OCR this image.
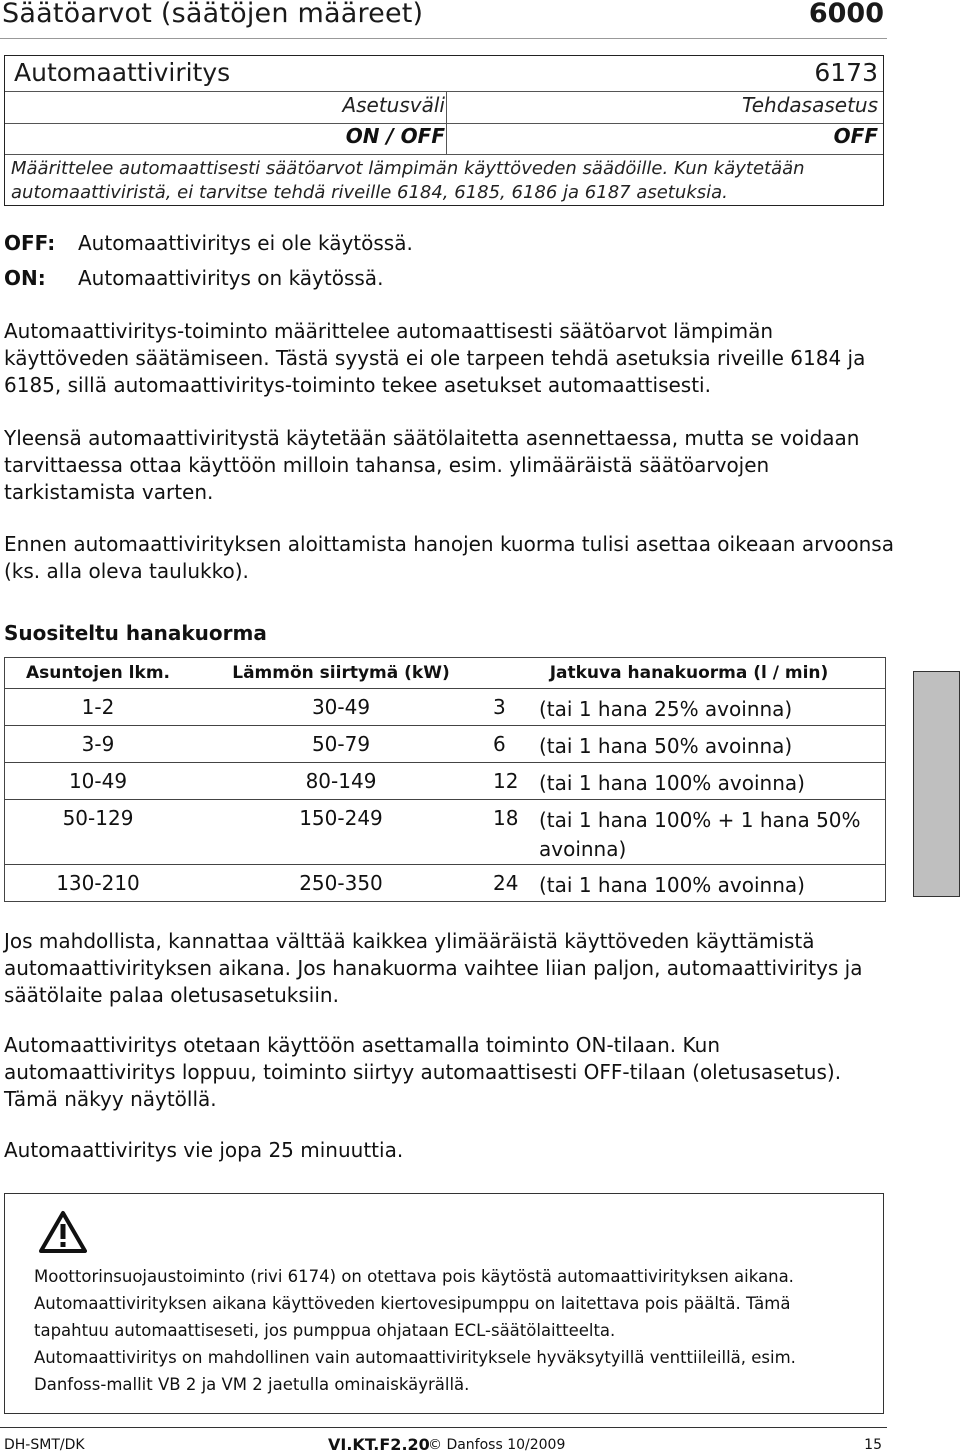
Säätöarvot (säätöjen määreet)	6000
Automaattiviritys	6173
Asetusväli	Tehdasasetus
ON / OFF	OFF
Määrittelee automaattisesti säätöarvot lämpimän käyttöveden säädöille. Kun käytetään automaattiviristä, ei tarvitse tehdä riveille 6184, 6185, 6186 ja 6187 asetuksia.
OFF: Automaattiviritys ei ole käytössä.
ON: Automaattiviritys on käytössä.
Automaattiviritys-toiminto määrittelee automaattisesti säätöarvot lämpimän käyttöveden säätämiseen. Tästä syystä ei ole tarpeen tehdä asetuksia riveille 6184 ja 6185, sillä automaattiviritys-toiminto tekee asetukset automaattisesti.
Yleensä automaattiviritystä käytetään säätölaitetta asennettaessa, mutta se voidaan tarvittaessa ottaa käyttöön milloin tahansa, esim. ylimääräistä säätöarvojen tarkistamista varten.
Ennen automaattivirityksen aloittamista hanojen kuorma tulisi asettaa oikeaan arvoonsa (ks. alla oleva taulukko).
Suositeltu hanakuorma
Asuntojen lkm.	Lämmön siirtymä (kW)	Jatkuva hanakuorma (l / min)	
1-2	30-49	3	(tai 1 hana 25% avoinna)
3-9	50-79	6	(tai 1 hana 50% avoinna)
10-49	80-149	12	(tai 1 hana 100% avoinna)
50-129	150-249	18	(tai 1 hana 100% + 1 hana 50% avoinna)
130-210	250-350	24	(tai 1 hana 100% avoinna)
Jos mahdollista, kannattaa välttää kaikkea ylimääräistä käyttöveden käyttämistä automaattivirityksen aikana. Jos hanakuorma vaihtee liian paljon, automaattiviritys ja säätölaite palaa oletusasetuksiin.
Automaattiviritys otetaan käyttöön asettamalla toiminto ON-tilaan. Kun automaattiviritys loppuu, toiminto siirtyy automaattisesti OFF-tilaan (oletusasetus). Tämä näkyy näytöllä.
Automaattiviritys vie jopa 25 minuuttia.
Moottorinsuojaustoiminto (rivi 6174) on otettava pois käytöstä automaattivirityksen aikana.
Automaattivirityksen aikana käyttöveden kiertovesipumppu on laitettava pois päältä. Tämä tapahtuu automaattiseseti, jos pumppua ohjataan ECL-säätölaitteelta.
Automaattiviritys on mahdollinen vain automaattivirityksele hyväksytyillä venttiileillä, esim. Danfoss-mallit VB 2 ja VM 2 jaetulla ominaiskäyrällä.
DH-SMT/DK	VI.KT.F2.20
© Danfoss 10/2009	15
